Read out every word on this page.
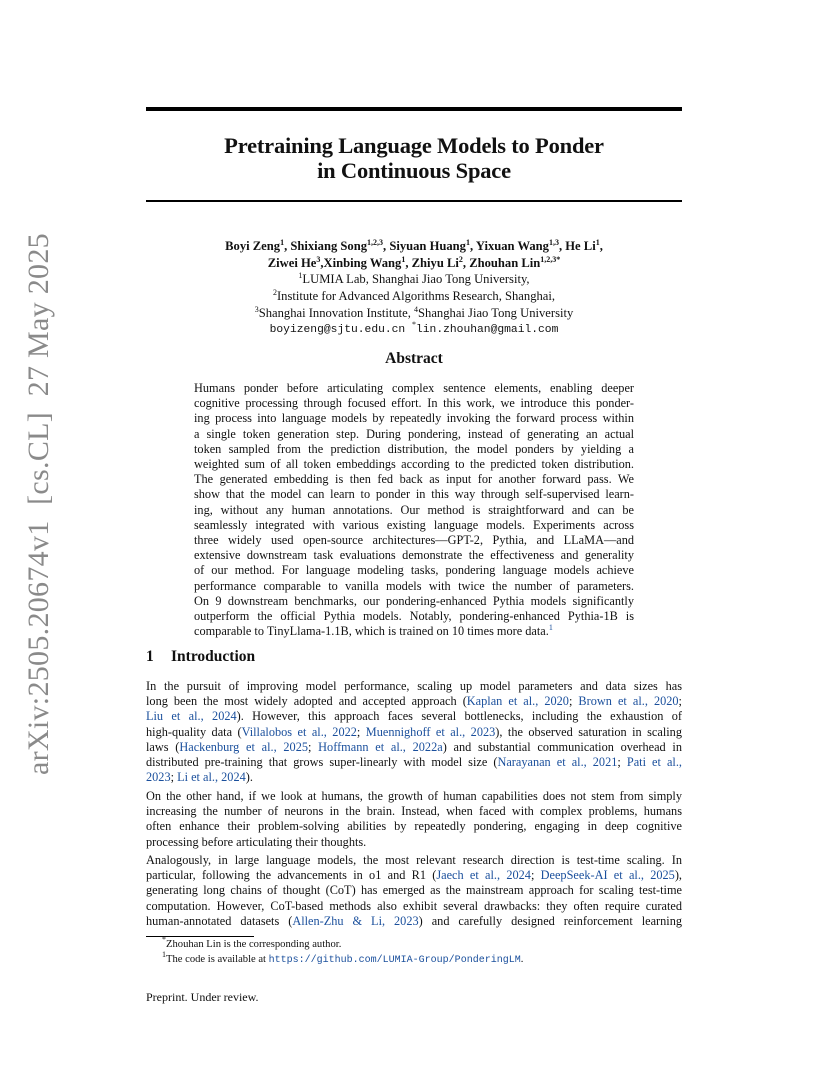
arXiv:2505.20674v1  [cs.CL]  27 May 2025
Pretraining Language Models to Ponder
in Continuous Space
Boyi Zeng$^1$, Shixiang Song$^{1,2,3}$, Siyuan Huang$^1$, Yixuan Wang$^{1,3}$, He Li$^1$,
Ziwei He$^3$,Xinbing Wang$^1$, Zhiyu Li$^2$, Zhouhan Lin$^{1,2,3*}$
$^1$LUMIA Lab, Shanghai Jiao Tong University,
$^2$Institute for Advanced Algorithms Research, Shanghai,
$^3$Shanghai Innovation Institute, $^4$Shanghai Jiao Tong University
boyizeng@sjtu.edu.cn *lin.zhouhan@gmail.com
Abstract
Humans ponder before articulating complex sentence elements, enabling deeper
cognitive processing through focused effort. In this work, we introduce this ponder-
ing process into language models by repeatedly invoking the forward process within
a single token generation step. During pondering, instead of generating an actual
token sampled from the prediction distribution, the model ponders by yielding a
weighted sum of all token embeddings according to the predicted token distribution.
The generated embedding is then fed back as input for another forward pass. We
show that the model can learn to ponder in this way through self-supervised learn-
ing, without any human annotations. Our method is straightforward and can be
seamlessly integrated with various existing language models. Experiments across
three widely used open-source architectures—GPT-2, Pythia, and LLaMA—and
extensive downstream task evaluations demonstrate the effectiveness and generality
of our method. For language modeling tasks, pondering language models achieve
performance comparable to vanilla models with twice the number of parameters.
On 9 downstream benchmarks, our pondering-enhanced Pythia models significantly
outperform the official Pythia models. Notably, pondering-enhanced Pythia-1B is
comparable to TinyLlama-1.1B, which is trained on 10 times more data.$^1$
1 Introduction
In the pursuit of improving model performance, scaling up model parameters and data sizes has
long been the most widely adopted and accepted approach (Kaplan et al., 2020; Brown et al., 2020;
Liu et al., 2024). However, this approach faces several bottlenecks, including the exhaustion of
high-quality data (Villalobos et al., 2022; Muennighoff et al., 2023), the observed saturation in scaling
laws (Hackenburg et al., 2025; Hoffmann et al., 2022a) and substantial communication overhead in
distributed pre-training that grows super-linearly with model size (Narayanan et al., 2021; Pati et al.,
2023; Li et al., 2024).
On the other hand, if we look at humans, the growth of human capabilities does not stem from simply
increasing the number of neurons in the brain. Instead, when faced with complex problems, humans
often enhance their problem-solving abilities by repeatedly pondering, engaging in deep cognitive
processing before articulating their thoughts.
Analogously, in large language models, the most relevant research direction is test-time scaling. In
particular, following the advancements in o1 and R1 (Jaech et al., 2024; DeepSeek-AI et al., 2025),
generating long chains of thought (CoT) has emerged as the mainstream approach for scaling test-time
computation. However, CoT-based methods also exhibit several drawbacks: they often require curated
human-annotated datasets (Allen-Zhu & Li, 2023) and carefully designed reinforcement learning
*Zhouhan Lin is the corresponding author.
$^1$The code is available at https://github.com/LUMIA-Group/PonderingLM.
Preprint. Under review.
